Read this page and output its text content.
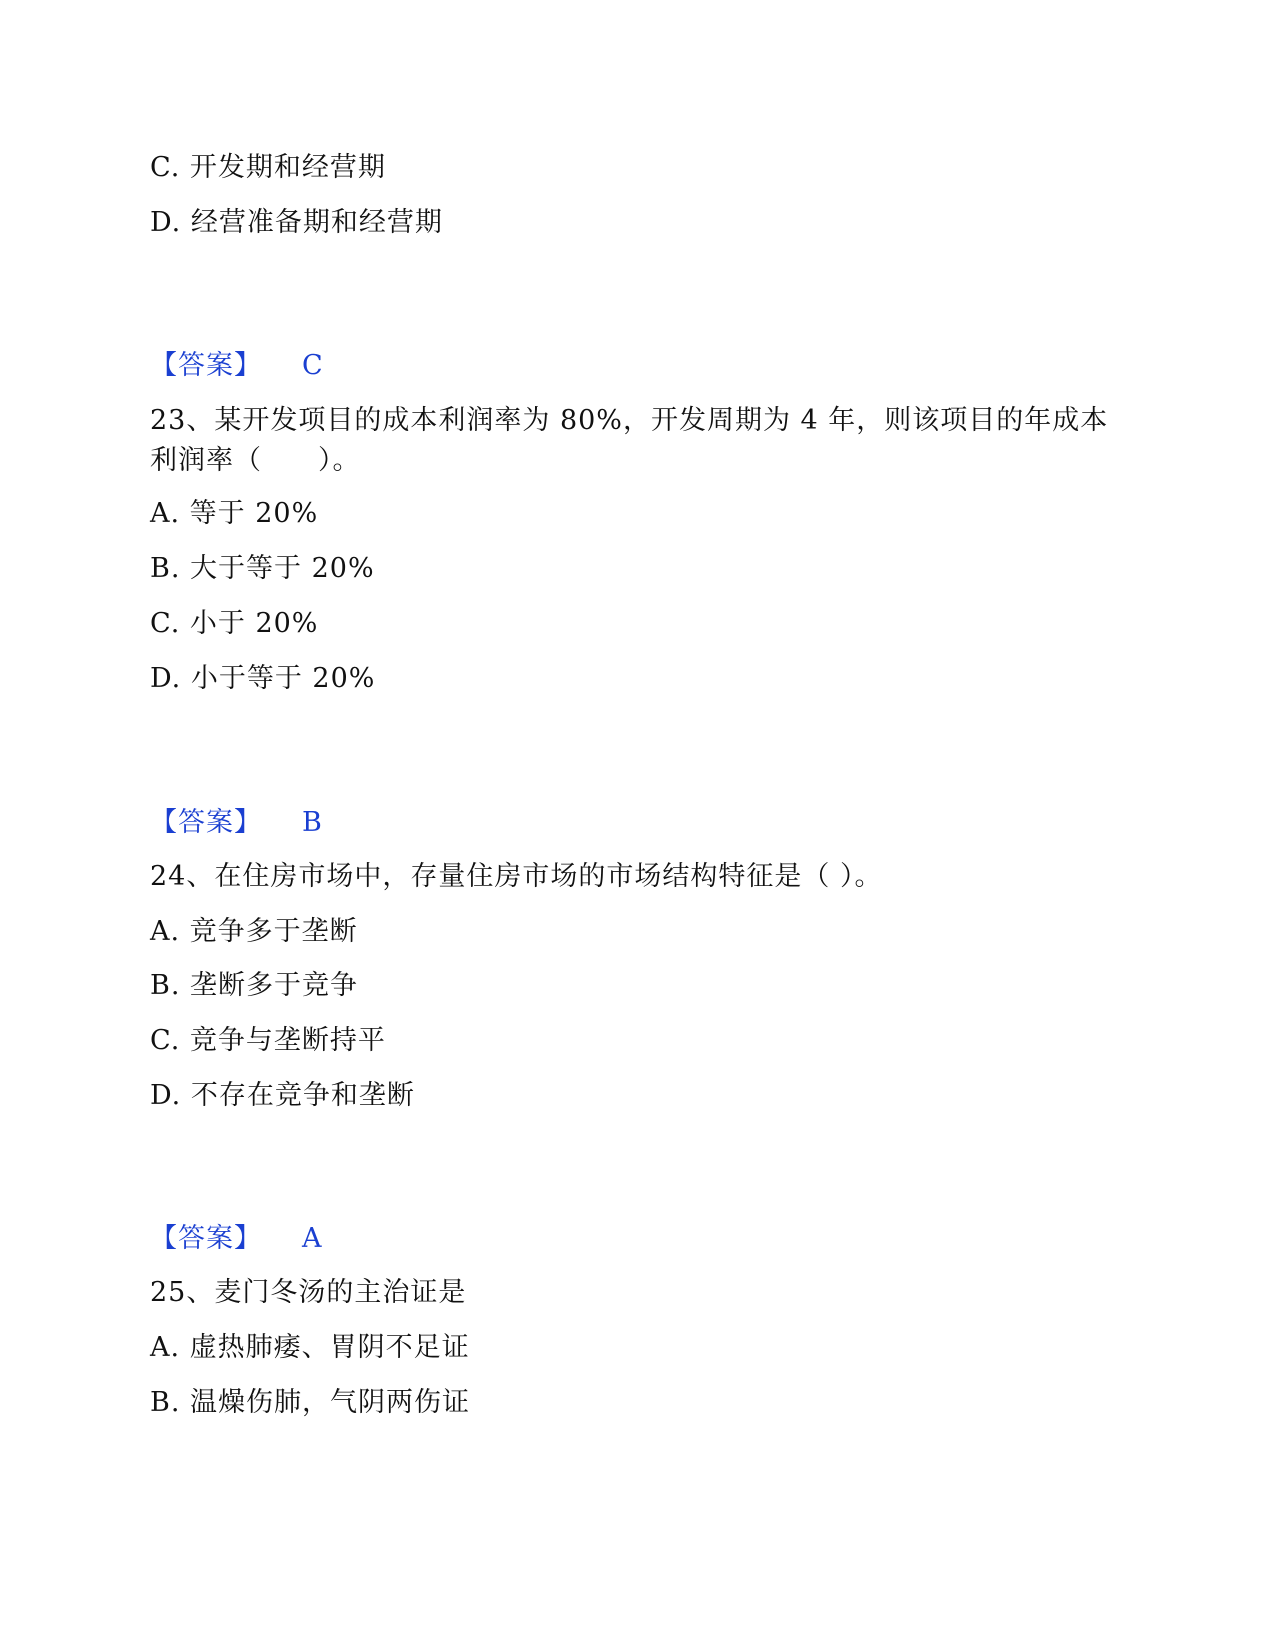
C. 开发期和经营期
D. 经营准备期和经营期
【答案】 C
23、某开发项目的成本利润率为 80%，开发周期为 4 年，则该项目的年成本利润率（　　）。
A. 等于 20%
B. 大于等于 20%
C. 小于 20%
D. 小于等于 20%
【答案】 B
24、在住房市场中，存量住房市场的市场结构特征是（ ）。
A. 竞争多于垄断
B. 垄断多于竞争
C. 竞争与垄断持平
D. 不存在竞争和垄断
【答案】 A
25、麦门冬汤的主治证是
A. 虚热肺痿、胃阴不足证
B. 温燥伤肺，气阴两伤证
